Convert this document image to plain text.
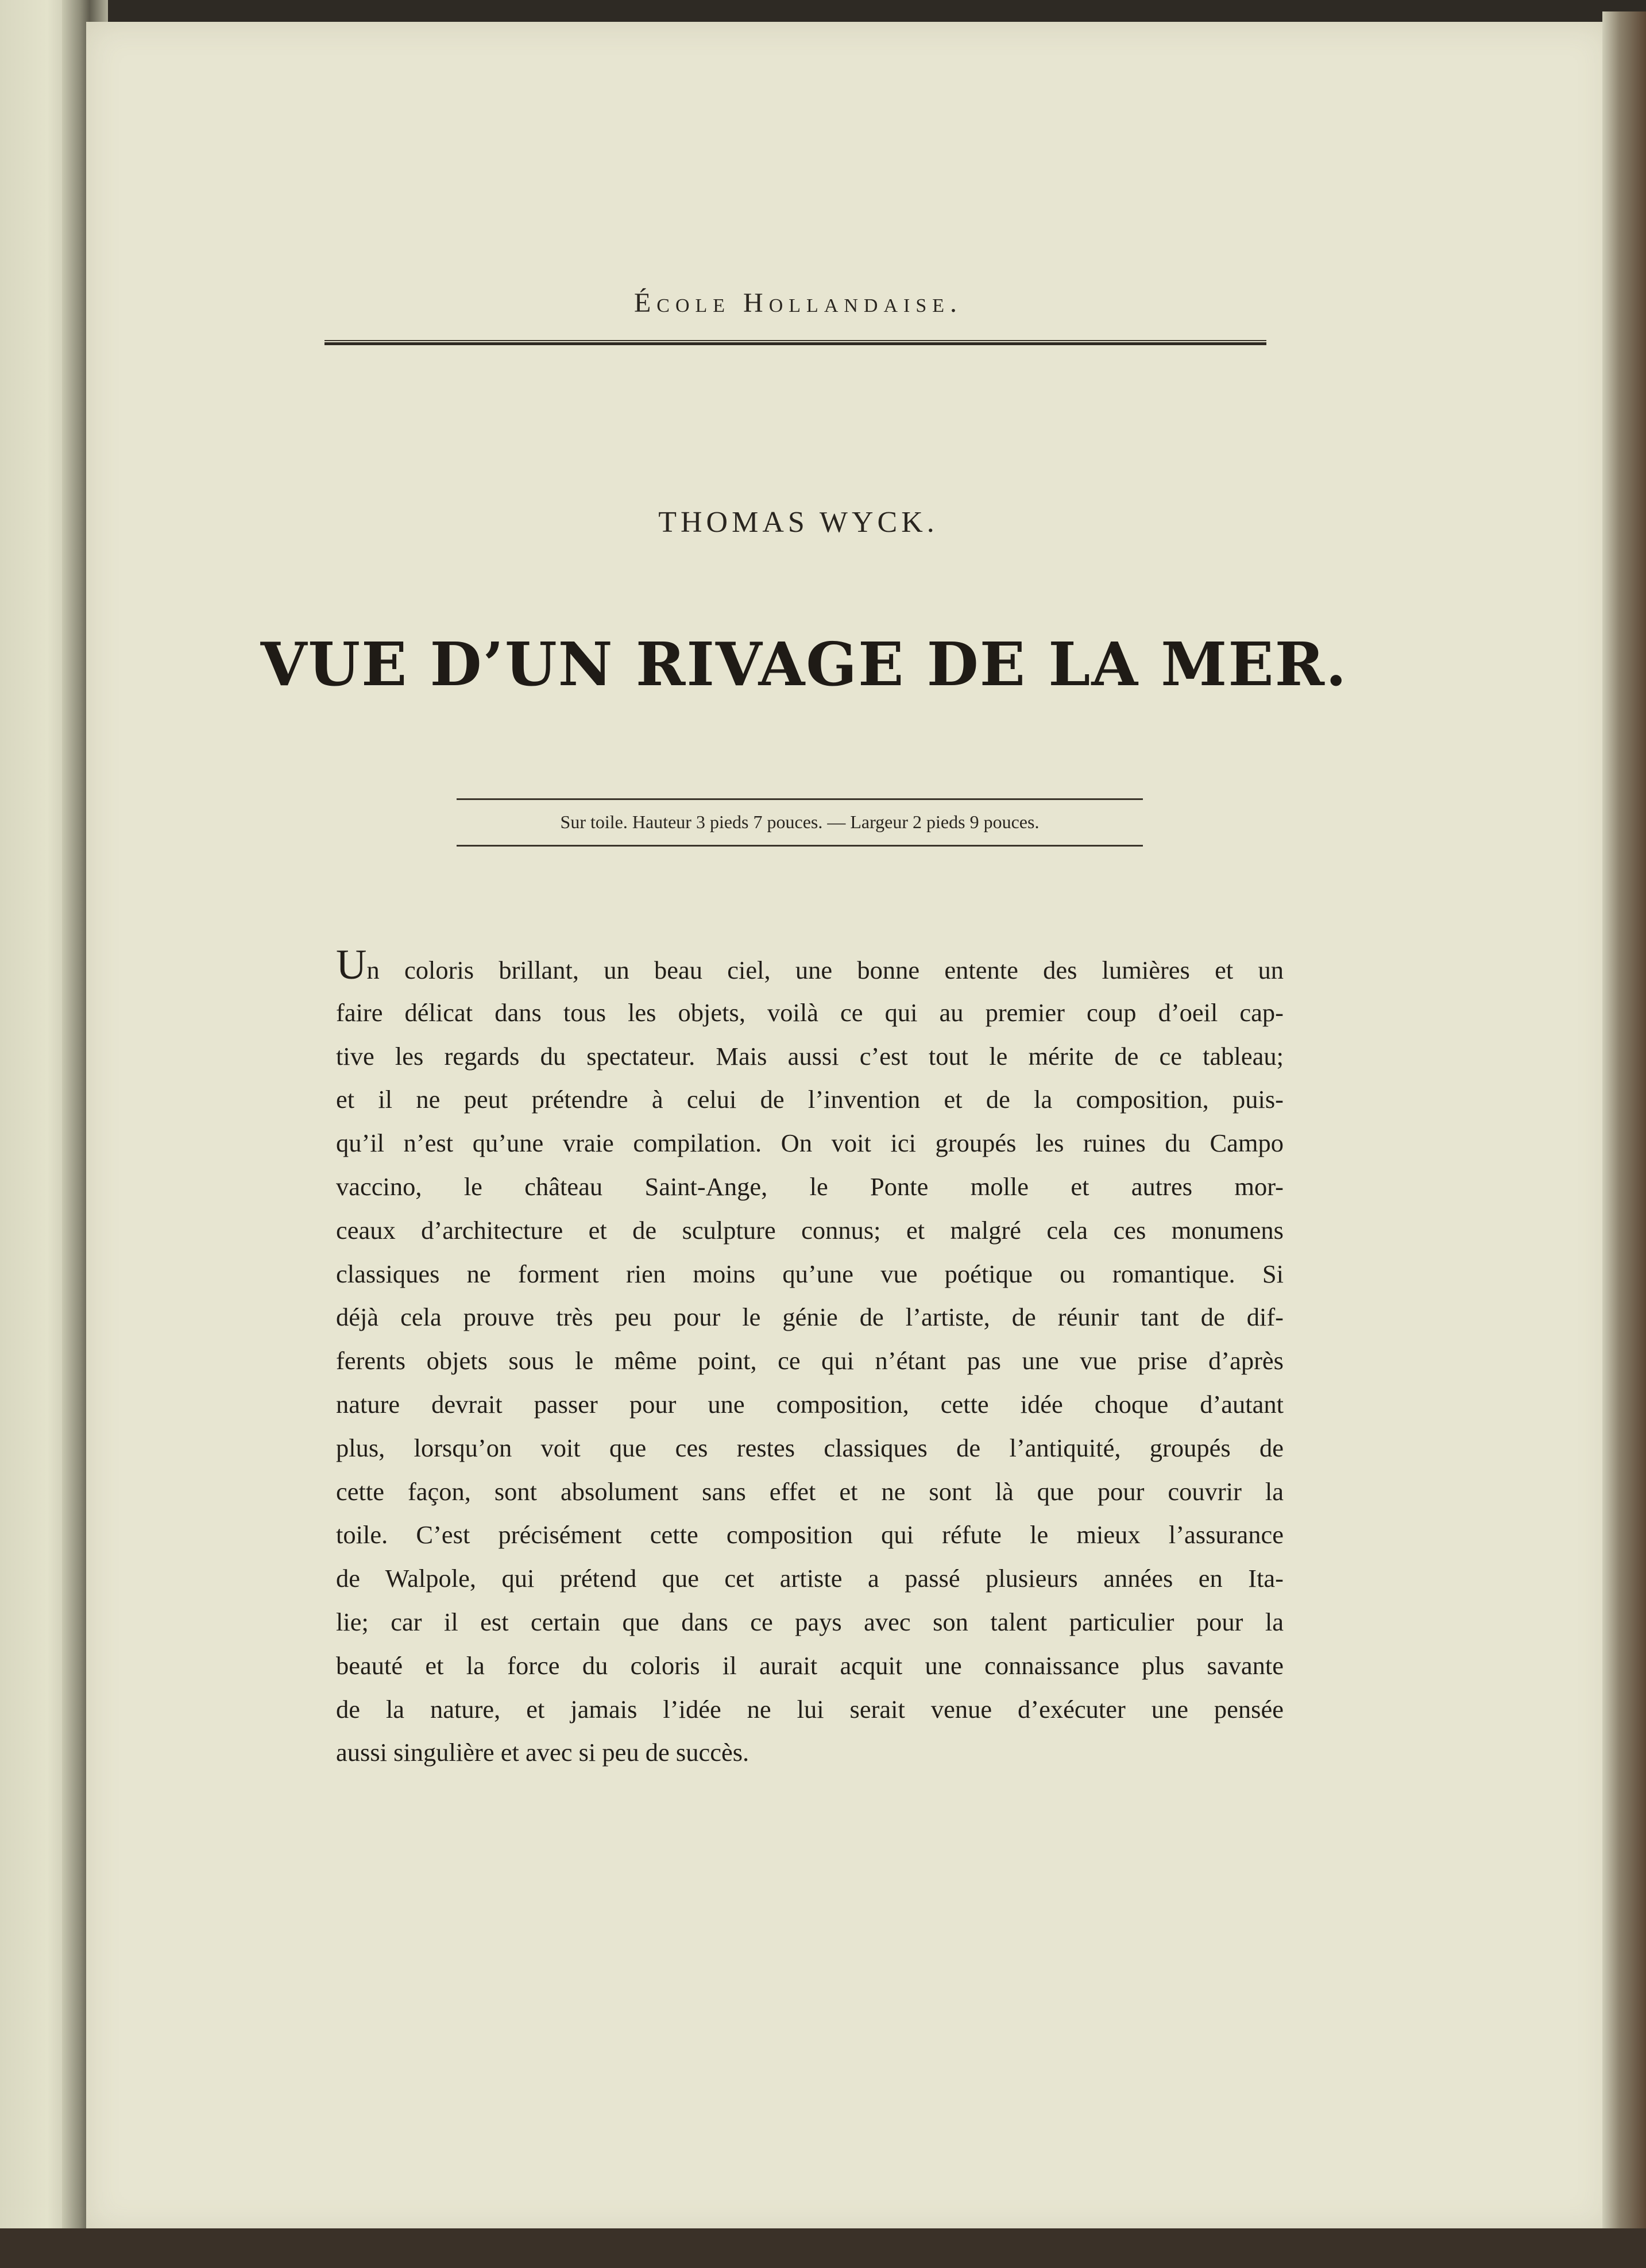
École Hollandaise.
THOMAS WYCK.
VUE D’UN RIVAGE DE LA MER.
Sur toile. Hauteur 3 pieds 7 pouces. — Largeur 2 pieds 9 pouces.
Un coloris brillant, un beau ciel, une bonne entente des lumières et un
faire délicat dans tous les objets, voilà ce qui au premier coup d’oeil cap-
tive les regards du spectateur. Mais aussi c’est tout le mérite de ce tableau;
et il ne peut prétendre à celui de l’invention et de la composition, puis-
qu’il n’est qu’une vraie compilation. On voit ici groupés les ruines du Campo
vaccino, le château Saint-Ange, le Ponte molle et autres mor-
ceaux d’architecture et de sculpture connus; et malgré cela ces monumens
classiques ne forment rien moins qu’une vue poétique ou romantique. Si
déjà cela prouve très peu pour le génie de l’artiste, de réunir tant de dif-
ferents objets sous le même point, ce qui n’étant pas une vue prise d’après
nature devrait passer pour une composition, cette idée choque d’autant
plus, lorsqu’on voit que ces restes classiques de l’antiquité, groupés de
cette façon, sont absolument sans effet et ne sont là que pour couvrir la
toile. C’est précisément cette composition qui réfute le mieux l’assurance
de Walpole, qui prétend que cet artiste a passé plusieurs années en Ita-
lie; car il est certain que dans ce pays avec son talent particulier pour la
beauté et la force du coloris il aurait acquit une connaissance plus savante
de la nature, et jamais l’idée ne lui serait venue d’exécuter une pensée
aussi singulière et avec si peu de succès.
